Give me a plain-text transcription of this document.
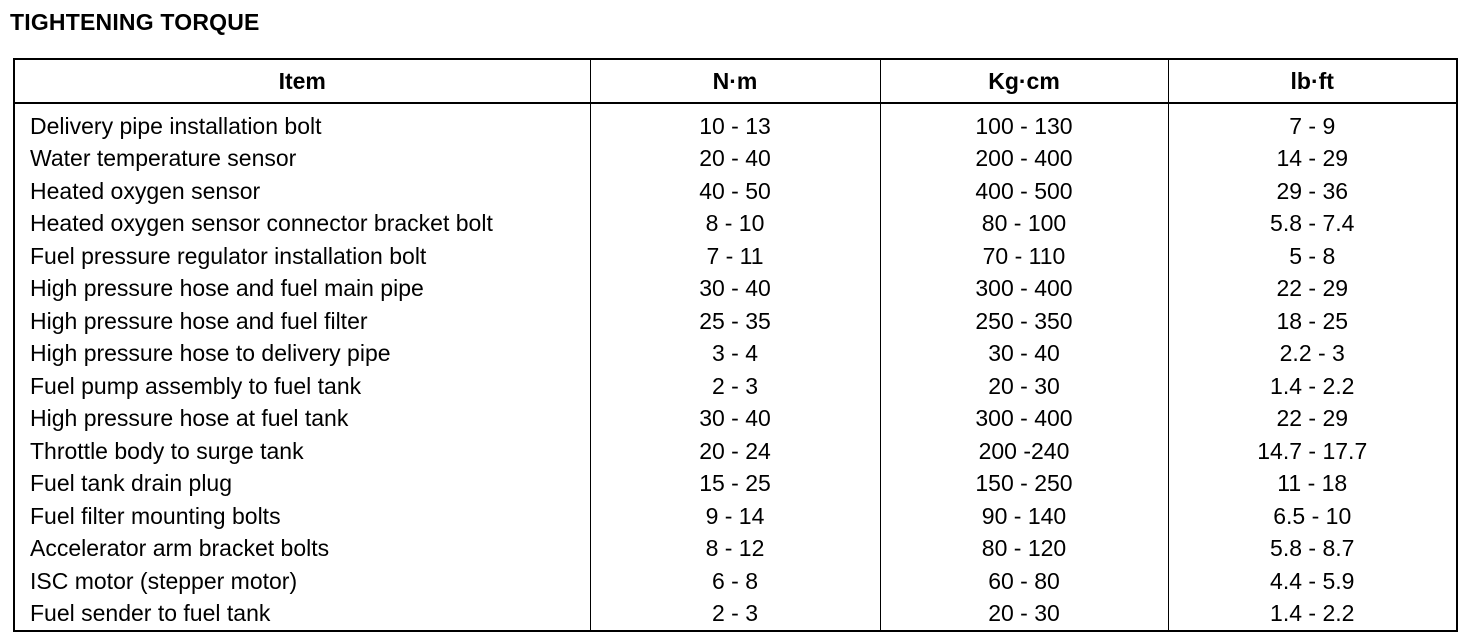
TIGHTENING TORQUE
Item	N·m	Kg·cm	lb·ft
Delivery pipe installation bolt	10 - 13	100 - 130	7 - 9
Water temperature sensor	20 - 40	200 - 400	14 - 29
Heated oxygen sensor	40 - 50	400 - 500	29 - 36
Heated oxygen sensor connector bracket bolt	8 - 10	80 - 100	5.8 - 7.4
Fuel pressure regulator installation bolt	7 - 11	70 - 110	5 - 8
High pressure hose and fuel main pipe	30 - 40	300 - 400	22 - 29
High pressure hose and fuel filter	25 - 35	250 - 350	18 - 25
High pressure hose to delivery pipe	3 - 4	30 - 40	2.2 - 3
Fuel pump assembly to fuel tank	2 - 3	20 - 30	1.4 - 2.2
High pressure hose at fuel tank	30 - 40	300 - 400	22 - 29
Throttle body to surge tank	20 - 24	200 -240	14.7 - 17.7
Fuel tank drain plug	15 - 25	150 - 250	11 - 18
Fuel filter mounting bolts	9 - 14	90 - 140	6.5 - 10
Accelerator arm bracket bolts	8 - 12	80 - 120	5.8 - 8.7
ISC motor (stepper motor)	6 - 8	60 - 80	4.4 - 5.9
Fuel sender to fuel tank	2 - 3	20 - 30	1.4 - 2.2
